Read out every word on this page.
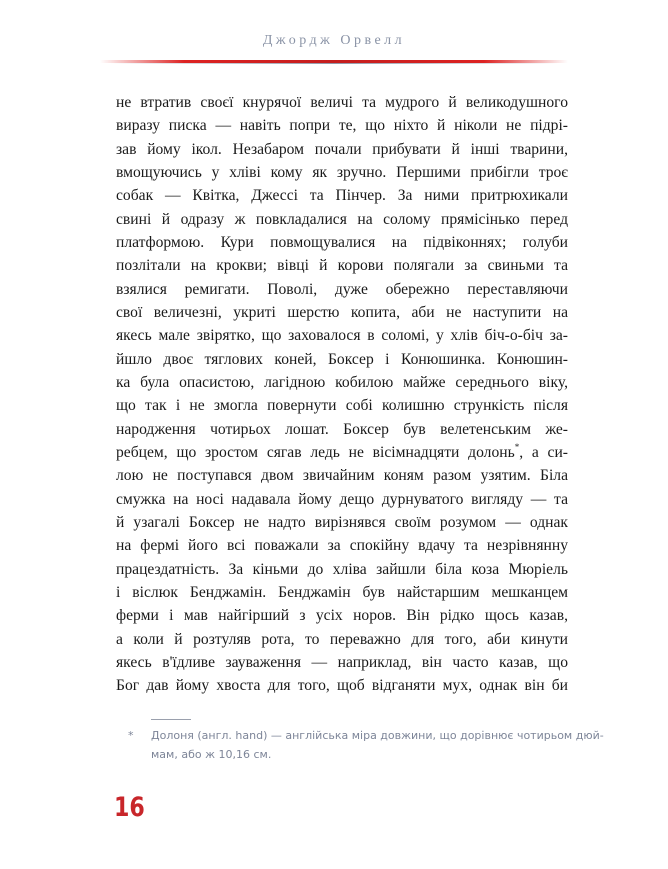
Джордж Орвелл
не втратив своєї кнурячої величі та мудрого й великодушного
виразу писка — навіть попри те, що ніхто й ніколи не підрі-
зав йому ікол. Незабаром почали прибувати й інші тварини,
вмощуючись у хліві кому як зручно. Першими прибігли троє
собак — Квітка, Джессі та Пінчер. За ними притрюхикали
свині й одразу ж повкладалися на солому прямісінько перед
платформою. Кури повмощувалися на підвіконнях; голуби
позлітали на крокви; вівці й корови полягали за свиньми та
взялися ремигати. Поволі, дуже обережно переставляючи
свої величезні, укриті шерстю копита, аби не наступити на
якесь мале звірятко, що заховалося в соломі, у хлів біч-о-біч за-
йшло двоє тяглових коней, Боксер і Конюшинка. Конюшин-
ка була опасистою, лагідною кобилою майже середнього віку,
що так і не змогла повернути собі колишню стрункість після
народження чотирьох лошат. Боксер був велетенським же-
ребцем, що зростом сягав ледь не вісімнадцяти долонь*, а си-
лою не поступався двом звичайним коням разом узятим. Біла
смужка на носі надавала йому дещо дурнуватого вигляду — та
й узагалі Боксер не надто вирізнявся своїм розумом — однак
на фермі його всі поважали за спокійну вдачу та незрівнянну
працездатність. За кіньми до хліва зайшли біла коза Мюріель
і віслюк Бенджамін. Бенджамін був найстаршим мешканцем
ферми і мав найгірший з усіх норов. Він рідко щось казав,
а коли й розтуляв рота, то переважно для того, аби кинути
якесь в'їдливе зауваження — наприклад, він часто казав, що
Бог дав йому хвоста для того, щоб відганяти мух, однак він би
* Долоня (англ. hand) — англійська міра довжини, що дорівнює чотирьом дюй-
мам, або ж 10,16 см.
16
